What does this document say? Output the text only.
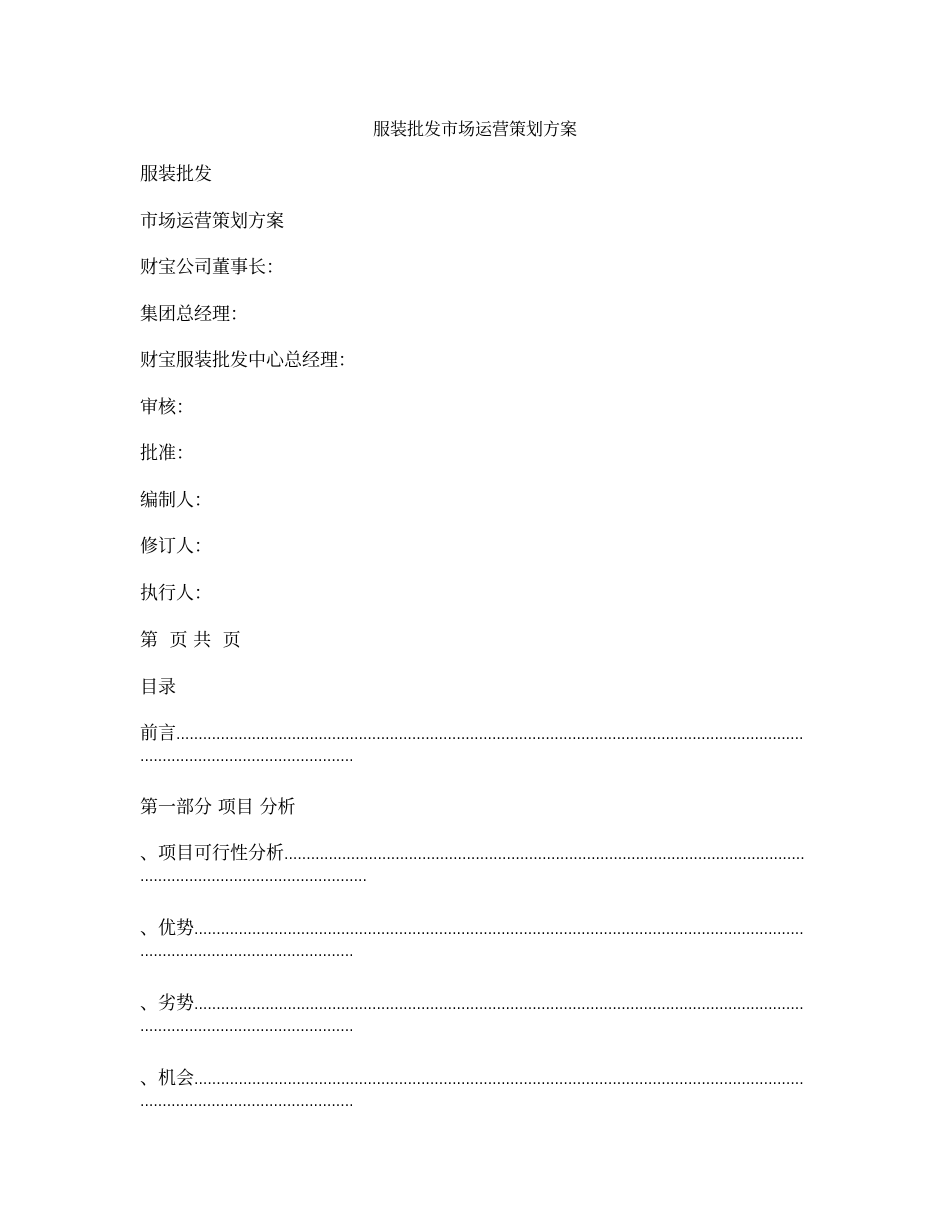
服装批发市场运营策划方案
服装批发
市场运营策划方案
财宝公司董事长：
集团总经理：
财宝服装批发中心总经理：
审核：
批准：
编制人：
修订人：
执行人：
第  页 共  页
目录
前言
.....
.....
第一部分 项目 分析
、项目可行性分析
.....
.....
、优势
.....
.....
、劣势
.....
.....
、机会
.....
.....
